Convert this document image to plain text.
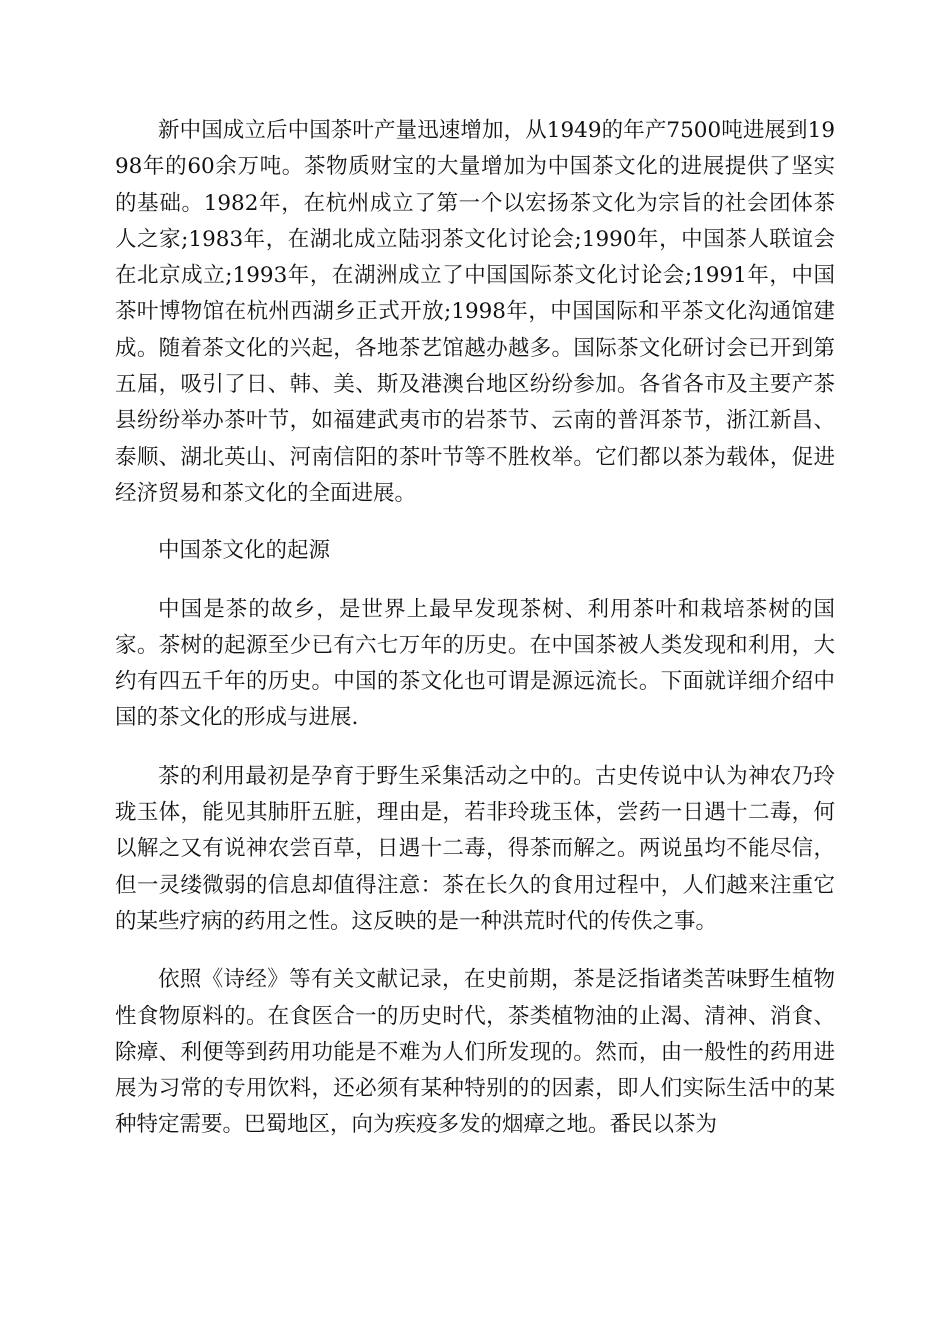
新中国成立后中国茶叶产量迅速增加，从1949的年产7500吨进展到1998年的60余万吨。茶物质财宝的大量增加为中国茶文化的进展提供了坚实的基础。1982年，在杭州成立了第一个以宏扬茶文化为宗旨的社会团体茶人之家;1983年，在湖北成立陆羽茶文化讨论会;1990年，中国茶人联谊会在北京成立;1993年，在湖洲成立了中国国际茶文化讨论会;1991年，中国茶叶博物馆在杭州西湖乡正式开放;1998年，中国国际和平茶文化沟通馆建成。随着茶文化的兴起，各地茶艺馆越办越多。国际茶文化研讨会已开到第五届，吸引了日、韩、美、斯及港澳台地区纷纷参加。各省各市及主要产茶县纷纷举办茶叶节，如福建武夷市的岩茶节、云南的普洱茶节，浙江新昌、泰顺、湖北英山、河南信阳的茶叶节等不胜枚举。它们都以茶为载体，促进经济贸易和茶文化的全面进展。

中国茶文化的起源

中国是茶的故乡，是世界上最早发现茶树、利用茶叶和栽培茶树的国家。茶树的起源至少已有六七万年的历史。在中国茶被人类发现和利用，大约有四五千年的历史。中国的茶文化也可谓是源远流长。下面就详细介绍中国的茶文化的形成与进展.

茶的利用最初是孕育于野生采集活动之中的。古史传说中认为神农乃玲珑玉体，能见其肺肝五脏，理由是，若非玲珑玉体，尝药一日遇十二毒，何以解之又有说神农尝百草，日遇十二毒，得茶而解之。两说虽均不能尽信，但一灵缕微弱的信息却值得注意：茶在长久的食用过程中，人们越来注重它的某些疗病的药用之性。这反映的是一种洪荒时代的传佚之事。

依照《诗经》等有关文献记录，在史前期，茶是泛指诸类苦味野生植物性食物原料的。在食医合一的历史时代，茶类植物油的止渴、清神、消食、除瘴、利便等到药用功能是不难为人们所发现的。然而，由一般性的药用进展为习常的专用饮料，还必须有某种特别的的因素，即人们实际生活中的某种特定需要。巴蜀地区，向为疾疫多发的烟瘴之地。番民以茶为
